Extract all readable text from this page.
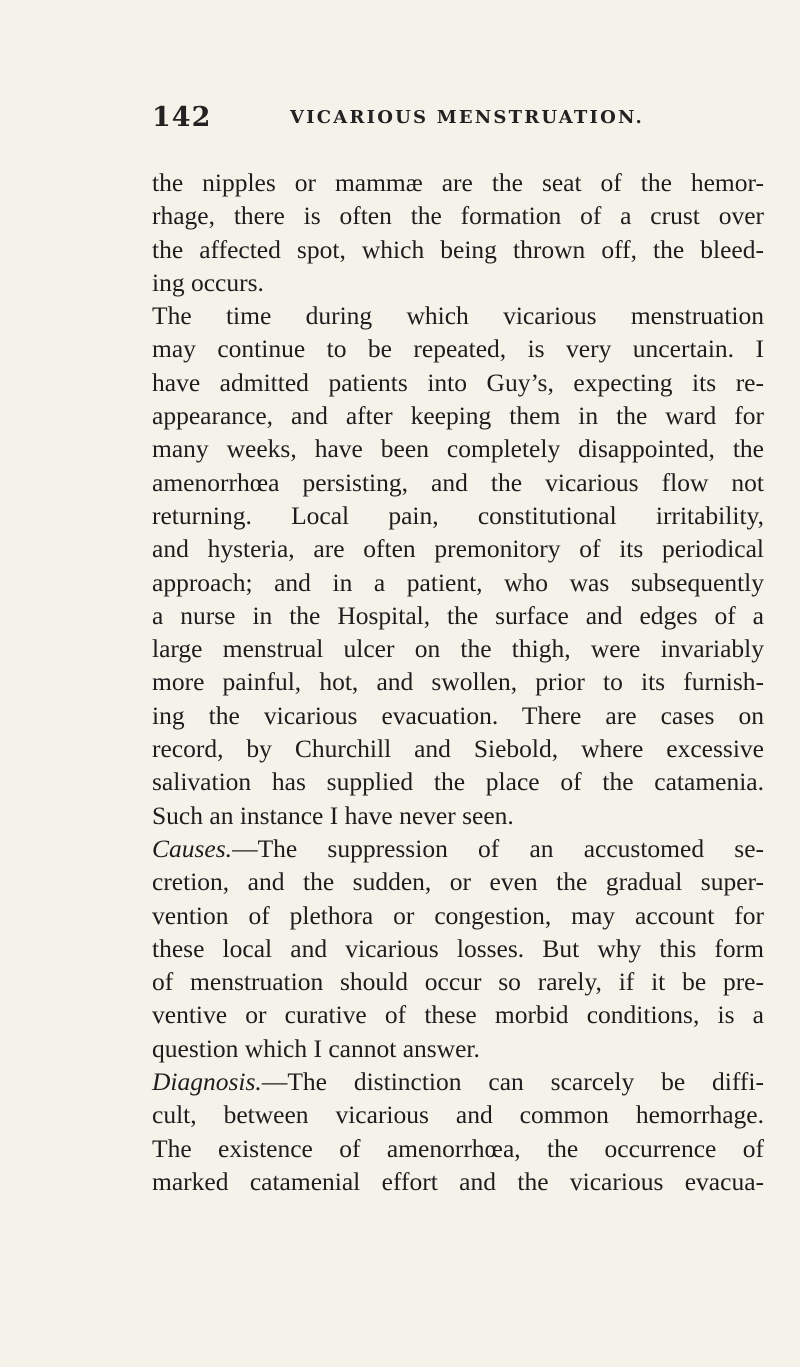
142	VICARIOUS MENSTRUATION.
the nipples or mammæ are the seat of the hemor-
rhage, there is often the formation of a crust over
the affected spot, which being thrown off, the bleed-
ing occurs.
The time during which vicarious menstruation
may continue to be repeated, is very uncertain. I
have admitted patients into Guy’s, expecting its re-
appearance, and after keeping them in the ward for
many weeks, have been completely disappointed, the
amenorrhœa persisting, and the vicarious flow not
returning. Local pain, constitutional irritability,
and hysteria, are often premonitory of its periodical
approach; and in a patient, who was subsequently
a nurse in the Hospital, the surface and edges of a
large menstrual ulcer on the thigh, were invariably
more painful, hot, and swollen, prior to its furnish-
ing the vicarious evacuation. There are cases on
record, by Churchill and Siebold, where excessive
salivation has supplied the place of the catamenia.
Such an instance I have never seen.
Causes.—The suppression of an accustomed se-
cretion, and the sudden, or even the gradual super-
vention of plethora or congestion, may account for
these local and vicarious losses. But why this form
of menstruation should occur so rarely, if it be pre-
ventive or curative of these morbid conditions, is a
question which I cannot answer.
Diagnosis.—The distinction can scarcely be diffi-
cult, between vicarious and common hemorrhage.
The existence of amenorrhœa, the occurrence of
marked catamenial effort and the vicarious evacua-
